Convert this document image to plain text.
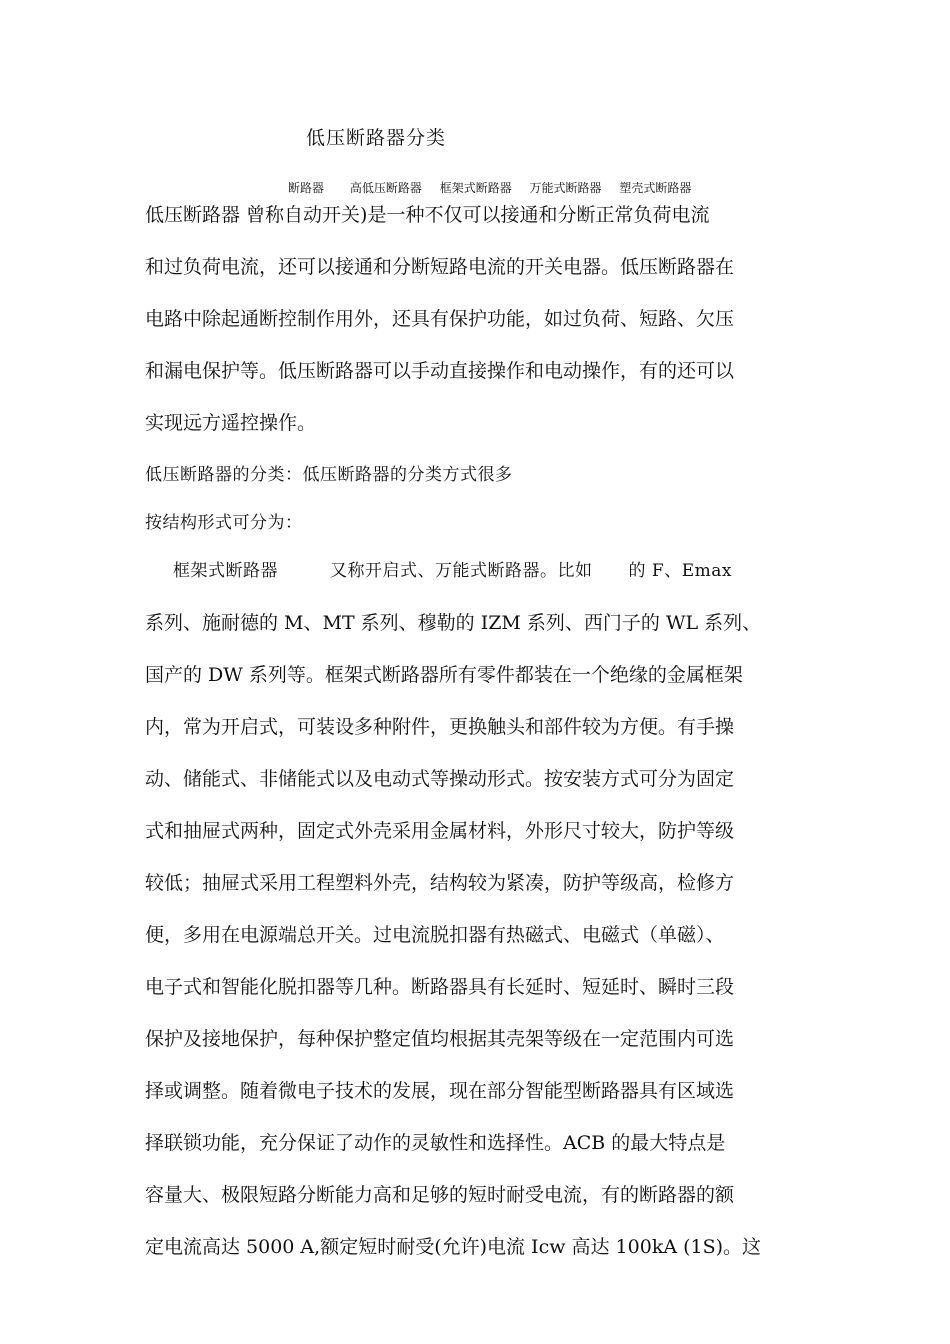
低压断路器分类
断路器 高低压断路器 框架式断路器 万能式断路器 塑壳式断路器
低压断路器 曾称自动开关)是一种不仅可以接通和分断正常负荷电流
和过负荷电流，还可以接通和分断短路电流的开关电器。低压断路器在
电路中除起通断控制作用外，还具有保护功能，如过负荷、短路、欠压
和漏电保护等。低压断路器可以手动直接操作和电动操作，有的还可以
实现远方遥控操作。
低压断路器的分类：低压断路器的分类方式很多
按结构形式可分为：
框架式断路器	又称开启式、万能式断路器。比如 的 F、Emax
系列、施耐德的 M、MT 系列、穆勒的 IZM 系列、西门子的 WL 系列、
国产的 DW 系列等。框架式断路器所有零件都装在一个绝缘的金属框架
内，常为开启式，可装设多种附件，更换触头和部件较为方便。有手操
动、储能式、非储能式以及电动式等操动形式。按安装方式可分为固定
式和抽屉式两种，固定式外壳采用金属材料，外形尺寸较大，防护等级
较低；抽屉式采用工程塑料外壳，结构较为紧凑，防护等级高，检修方
便，多用在电源端总开关。过电流脱扣器有热磁式、电磁式（单磁）、
电子式和智能化脱扣器等几种。断路器具有长延时、短延时、瞬时三段
保护及接地保护，每种保护整定值均根据其壳架等级在一定范围内可选
择或调整。随着微电子技术的发展，现在部分智能型断路器具有区域选
择联锁功能，充分保证了动作的灵敏性和选择性。ACB 的最大特点是
容量大、极限短路分断能力高和足够的短时耐受电流，有的断路器的额
定电流高达 5000 A,额定短时耐受(允许)电流 Icw 高达 100kA (1S)。这
